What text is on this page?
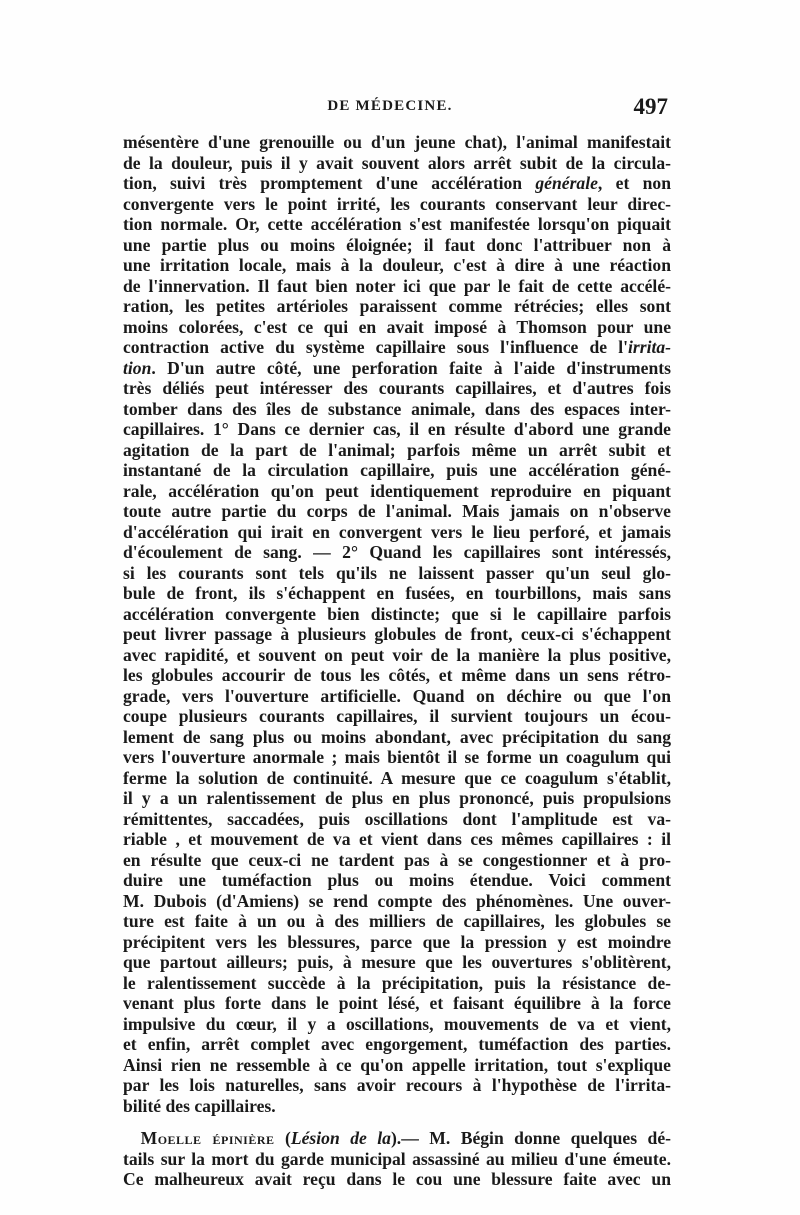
DE MÉDECINE.	497
mésentère d'une grenouille ou d'un jeune chat), l'animal manifestait
de la douleur, puis il y avait souvent alors arrêt subit de la circula-
tion, suivi très promptement d'une accélération générale, et non
convergente vers le point irrité, les courants conservant leur direc-
tion normale. Or, cette accélération s'est manifestée lorsqu'on piquait
une partie plus ou moins éloignée; il faut donc l'attribuer non à
une irritation locale, mais à la douleur, c'est à dire à une réaction
de l'innervation. Il faut bien noter ici que par le fait de cette accélé-
ration, les petites artérioles paraissent comme rétrécies; elles sont
moins colorées, c'est ce qui en avait imposé à Thomson pour une
contraction active du système capillaire sous l'influence de l'irrita-
tion. D'un autre côté, une perforation faite à l'aide d'instruments
très déliés peut intéresser des courants capillaires, et d'autres fois
tomber dans des îles de substance animale, dans des espaces inter-
capillaires. 1° Dans ce dernier cas, il en résulte d'abord une grande
agitation de la part de l'animal; parfois même un arrêt subit et
instantané de la circulation capillaire, puis une accélération géné-
rale, accélération qu'on peut identiquement reproduire en piquant
toute autre partie du corps de l'animal. Mais jamais on n'observe
d'accélération qui irait en convergent vers le lieu perforé, et jamais
d'écoulement de sang. — 2° Quand les capillaires sont intéressés,
si les courants sont tels qu'ils ne laissent passer qu'un seul glo-
bule de front, ils s'échappent en fusées, en tourbillons, mais sans
accélération convergente bien distincte; que si le capillaire parfois
peut livrer passage à plusieurs globules de front, ceux-ci s'échappent
avec rapidité, et souvent on peut voir de la manière la plus positive,
les globules accourir de tous les côtés, et même dans un sens rétro-
grade, vers l'ouverture artificielle. Quand on déchire ou que l'on
coupe plusieurs courants capillaires, il survient toujours un écou-
lement de sang plus ou moins abondant, avec précipitation du sang
vers l'ouverture anormale ; mais bientôt il se forme un coagulum qui
ferme la solution de continuité. A mesure que ce coagulum s'établit,
il y a un ralentissement de plus en plus prononcé, puis propulsions
rémittentes, saccadées, puis oscillations dont l'amplitude est va-
riable , et mouvement de va et vient dans ces mêmes capillaires : il
en résulte que ceux-ci ne tardent pas à se congestionner et à pro-
duire une tuméfaction plus ou moins étendue. Voici comment
M. Dubois (d'Amiens) se rend compte des phénomènes. Une ouver-
ture est faite à un ou à des milliers de capillaires, les globules se
précipitent vers les blessures, parce que la pression y est moindre
que partout ailleurs; puis, à mesure que les ouvertures s'oblitèrent,
le ralentissement succède à la précipitation, puis la résistance de-
venant plus forte dans le point lésé, et faisant équilibre à la force
impulsive du cœur, il y a oscillations, mouvements de va et vient,
et enfin, arrêt complet avec engorgement, tuméfaction des parties.
Ainsi rien ne ressemble à ce qu'on appelle irritation, tout s'explique
par les lois naturelles, sans avoir recours à l'hypothèse de l'irrita-
bilité des capillaires.
 Moelle épinière (Lésion de la).— M. Bégin donne quelques dé-
tails sur la mort du garde municipal assassiné au milieu d'une émeute.
Ce malheureux avait reçu dans le cou une blessure faite avec un
